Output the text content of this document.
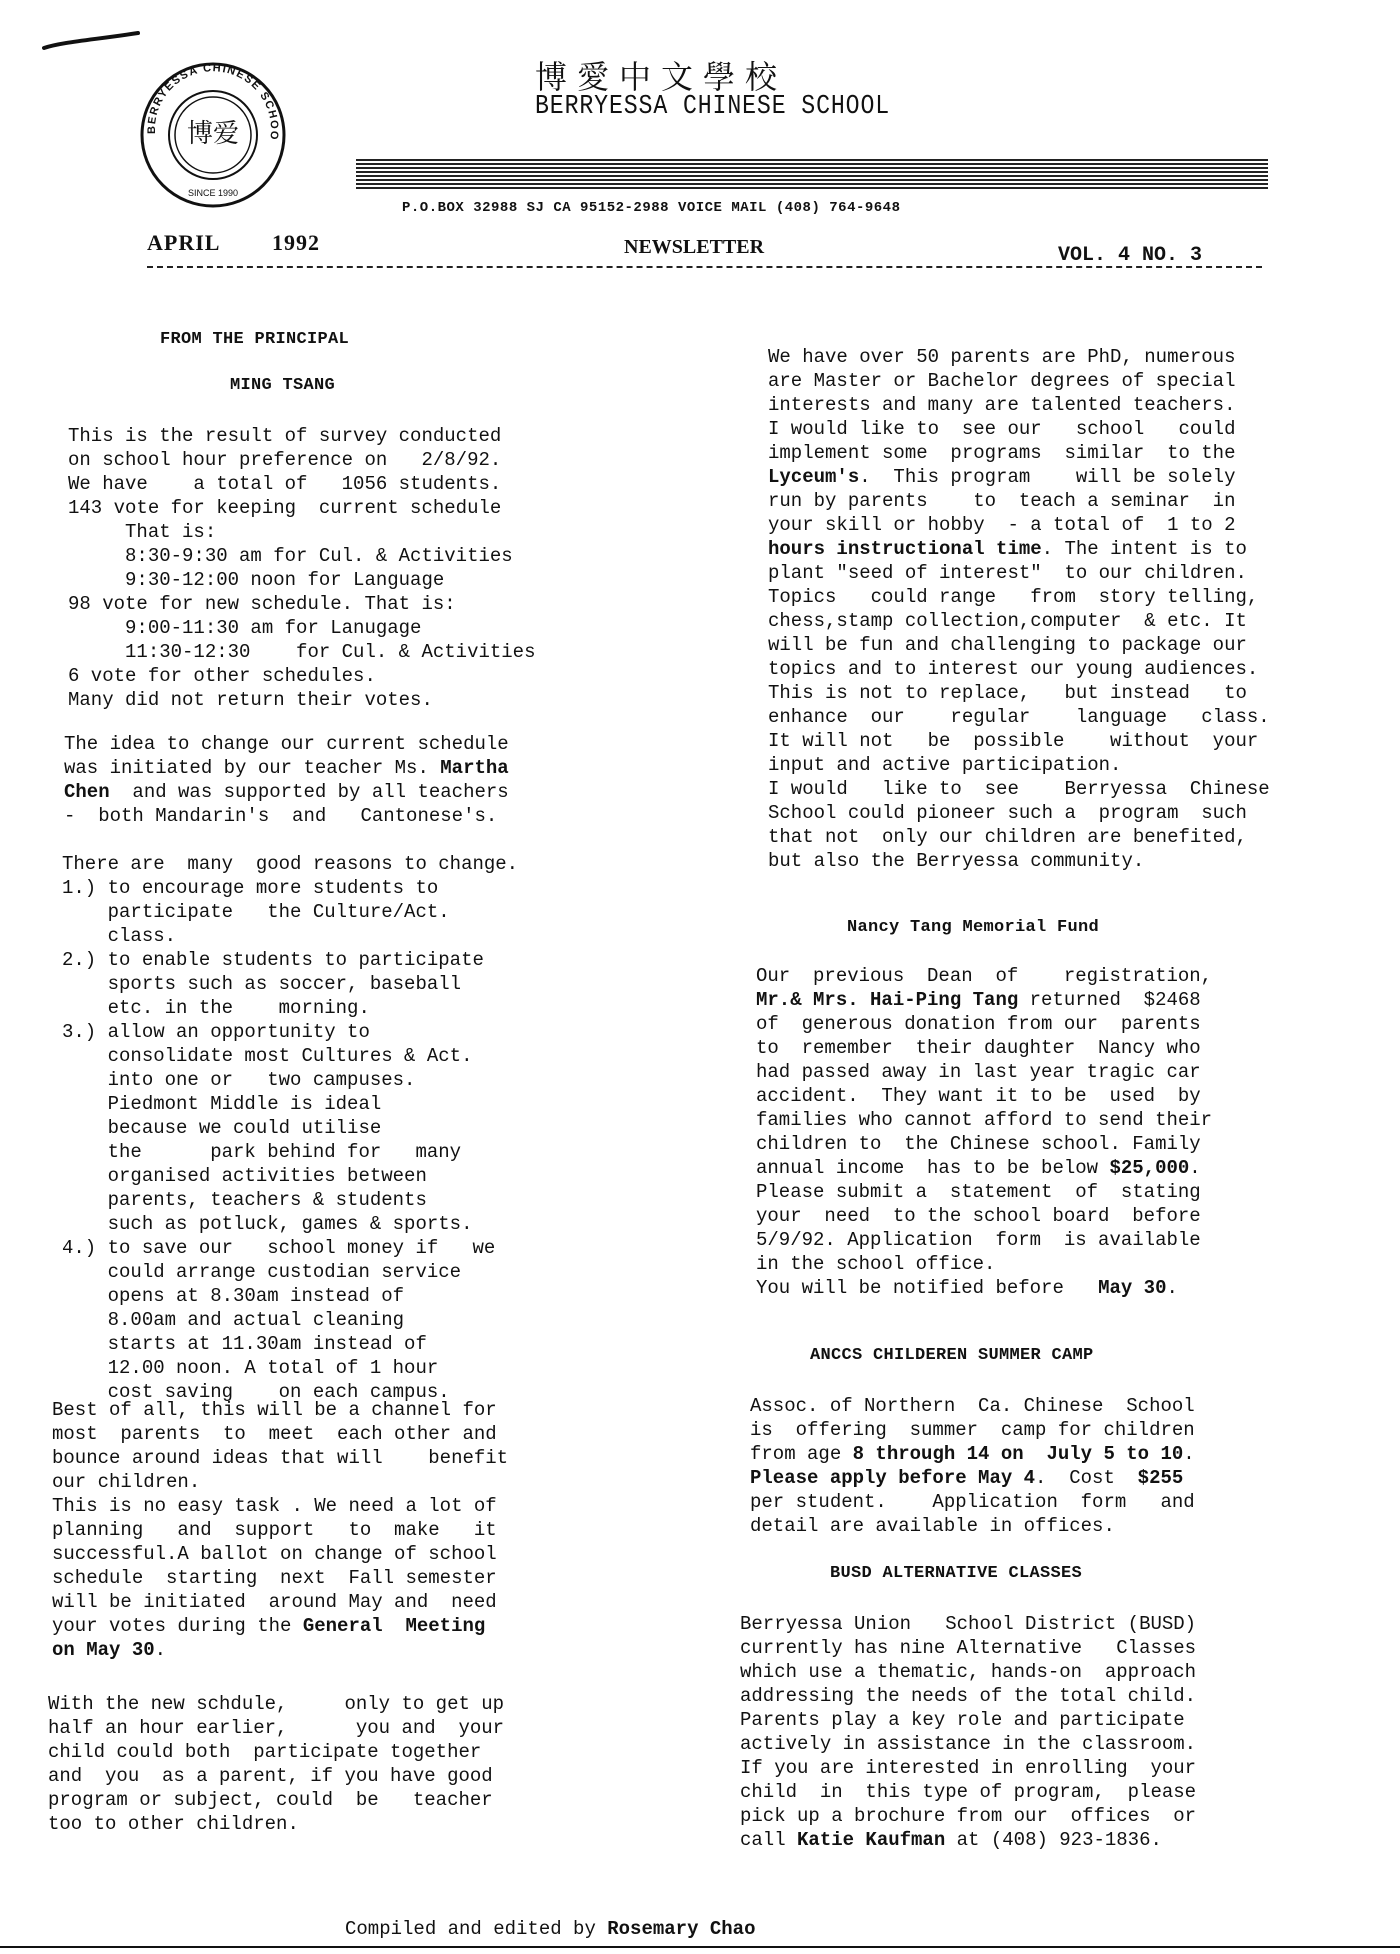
BERRYESSA CHINESE SCHOO
博爱
SINCE 1990
博愛中文學校
BERRYESSA CHINESE SCHOOL
P.O.BOX 32988 SJ CA 95152-2988 VOICE MAIL (408) 764-9648
APRIL 1992	NEWSLETTER	VOL. 4 NO. 3
FROM THE PRINCIPAL
MING TSANG

This is the result of survey conducted
on school hour preference on   2/8/92.
We have    a total of   1056 students.
143 vote for keeping  current schedule
That is:
8:30-9:30 am for Cul. & Activities
9:30-12:00 noon for Language
98 vote for new schedule. That is:
9:00-11:30 am for Lanugage
11:30-12:30    for Cul. & Activities
6 vote for other schedules.
Many did not return their votes.

The idea to change our current schedule
was initiated by our teacher Ms. Martha
Chen  and was supported by all teachers
-  both Mandarin's  and   Cantonese's.

There are  many  good reasons to change.
1.) to encourage more students to
participate   the Culture/Act.
class.
2.) to enable students to participate
sports such as soccer, baseball
etc. in the    morning.
3.) allow an opportunity to
consolidate most Cultures & Act.
into one or   two campuses.
Piedmont Middle is ideal
because we could utilise
the      park behind for   many
organised activities between
parents, teachers & students
such as potluck, games & sports.
4.) to save our   school money if   we
could arrange custodian service
opens at 8.30am instead of
8.00am and actual cleaning
starts at 11.30am instead of
12.00 noon. A total of 1 hour
cost saving    on each campus.

Best of all, this will be a channel for
most  parents  to  meet  each other and
bounce around ideas that will    benefit
our children.
This is no easy task . We need a lot of
planning   and  support   to  make   it
successful.A ballot on change of school
schedule  starting  next  Fall semester
will be initiated  around May and  need
your votes during the General  Meeting
on May 30.

With the new schdule,     only to get up
half an hour earlier,      you and  your
child could both  participate together
and  you  as a parent, if you have good
program or subject, could  be   teacher
too to other children.

We have over 50 parents are PhD, numerous
are Master or Bachelor degrees of special
interests and many are talented teachers.
I would like to  see our   school   could
implement some  programs  similar  to the
Lyceum's.  This program    will be solely
run by parents    to  teach a seminar  in
your skill or hobby  - a total of  1 to 2
hours instructional time. The intent is to
plant "seed of interest"  to our children.
Topics   could range   from  story telling,
chess,stamp collection,computer  & etc. It
will be fun and challenging to package our
topics and to interest our young audiences.
This is not to replace,   but instead   to
enhance  our    regular    language   class.
It will not   be  possible    without  your
input and active participation.
I would   like to  see    Berryessa  Chinese
School could pioneer such a  program  such
that not  only our children are benefited,
but also the Berryessa community.

Nancy Tang Memorial Fund

Our  previous  Dean  of    registration,
Mr.& Mrs. Hai-Ping Tang returned  $2468
of  generous donation from our  parents
to  remember  their daughter  Nancy who
had passed away in last year tragic car
accident.  They want it to be  used  by
families who cannot afford to send their
children to  the Chinese school. Family
annual income  has to be below $25,000.
Please submit a  statement  of  stating
your  need  to the school board  before
5/9/92. Application  form  is available
in the school office.
You will be notified before   May 30.

ANCCS CHILDEREN SUMMER CAMP

Assoc. of Northern  Ca. Chinese  School
is  offering  summer  camp for children
from age 8 through 14 on  July 5 to 10.
Please apply before May 4.  Cost  $255
per student.    Application  form   and
detail are available in offices.

BUSD ALTERNATIVE CLASSES

Berryessa Union   School District (BUSD)
currently has nine Alternative   Classes
which use a thematic, hands-on  approach
addressing the needs of the total child.
Parents play a key role and participate
actively in assistance in the classroom.
If you are interested in enrolling  your
child  in  this type of program,  please
pick up a brochure from our  offices  or
call Katie Kaufman at (408) 923-1836.

Compiled and edited by Rosemary Chao
